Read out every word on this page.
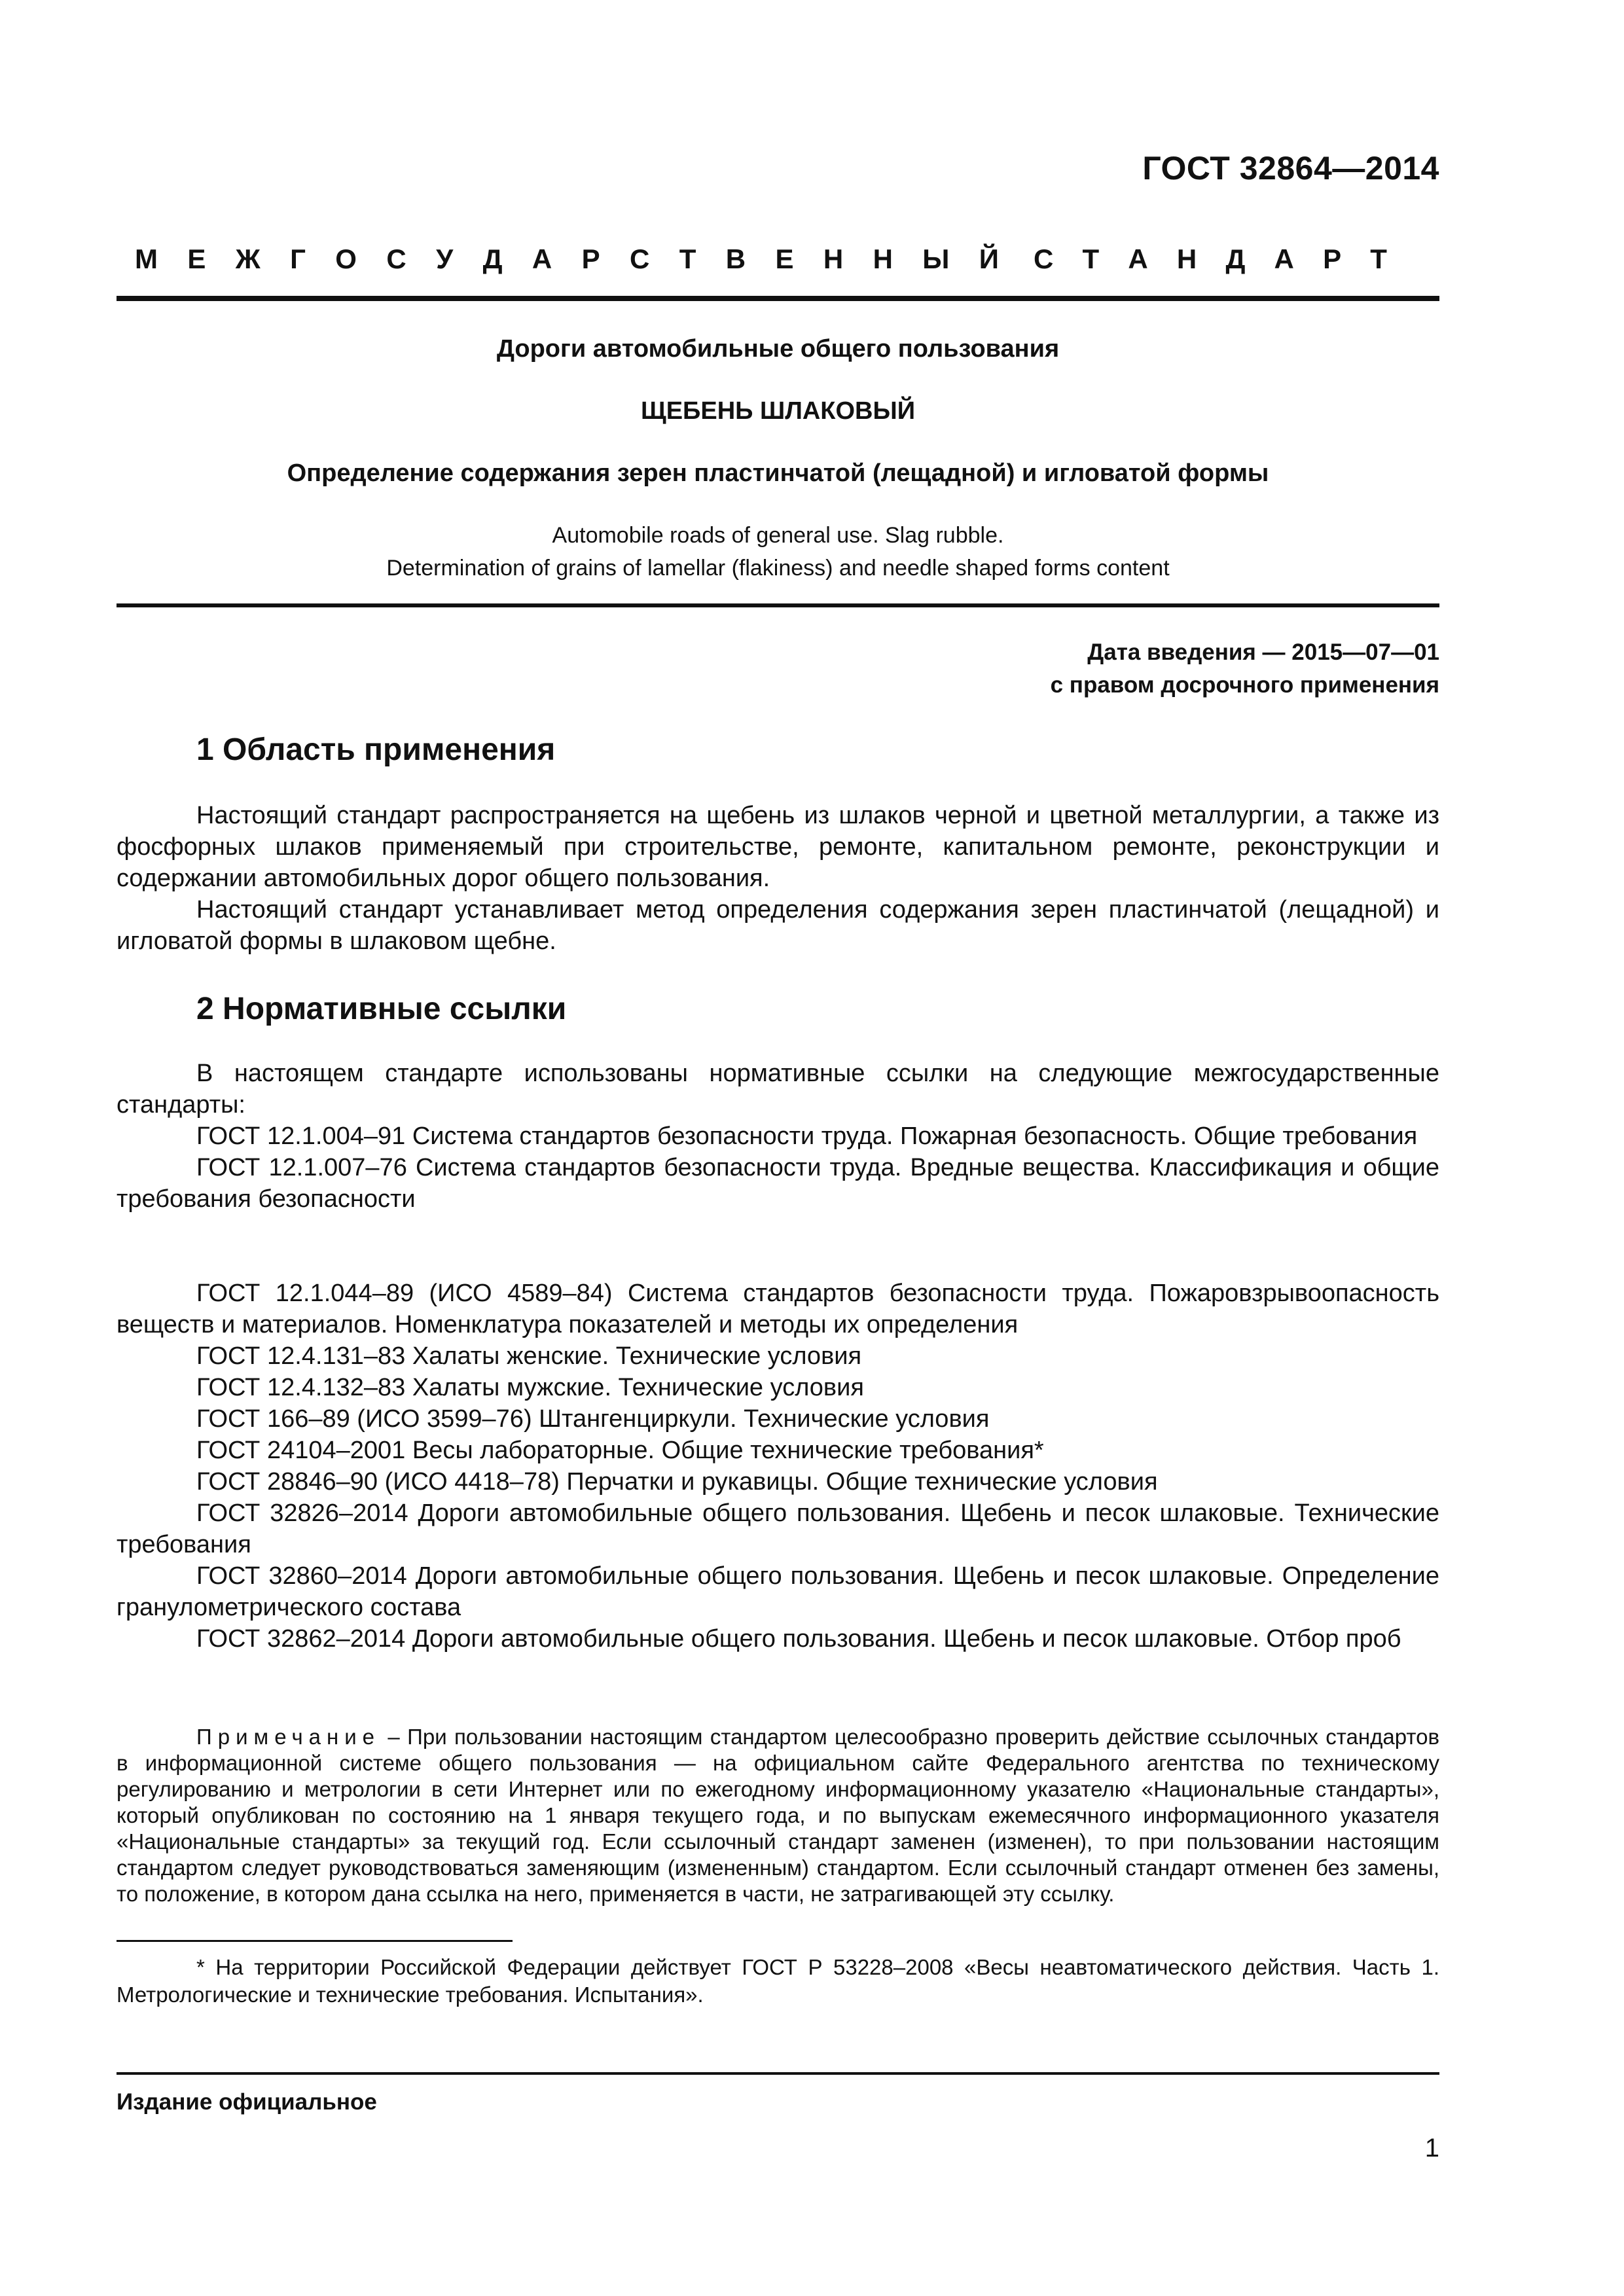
ГОСТ 32864—2014
М Е Ж Г О С У Д А Р С Т В Е Н Н Ы Й С Т А Н Д А Р Т
Дороги автомобильные общего пользования
ЩЕБЕНЬ ШЛАКОВЫЙ
Определение содержания зерен пластинчатой (лещадной) и игловатой формы
Automobile roads of general use. Slag rubble.
Determination of grains of lamellar (flakiness) and needle shaped forms content
Дата введения — 2015—07—01
с правом досрочного применения
1 Область применения

Настоящий стандарт распространяется на щебень из шлаков черной и цветной металлургии, а также из фосфорных шлаков применяемый при строительстве, ремонте, капитальном ремонте, реконструкции и содержании автомобильных дорог общего пользования.

Настоящий стандарт устанавливает метод определения содержания зерен пластинчатой (лещадной) и игловатой формы в шлаковом щебне.

2 Нормативные ссылки

В настоящем стандарте использованы нормативные ссылки на следующие межгосударственные стандарты:

ГОСТ 12.1.004–91 Система стандартов безопасности труда. Пожарная безопасность. Общие требования

ГОСТ 12.1.007–76 Система стандартов безопасности труда. Вредные вещества. Классификация и общие требования безопасности

ГОСТ 12.1.044–89 (ИСО 4589–84) Система стандартов безопасности труда. Пожаровзрывоопасность веществ и материалов. Номенклатура показателей и методы их определения

ГОСТ 12.4.131–83 Халаты женские. Технические условия

ГОСТ 12.4.132–83 Халаты мужские. Технические условия

ГОСТ 166–89 (ИСО 3599–76) Штангенциркули. Технические условия

ГОСТ 24104–2001 Весы лабораторные. Общие технические требования*

ГОСТ 28846–90 (ИСО 4418–78) Перчатки и рукавицы. Общие технические условия

ГОСТ 32826–2014 Дороги автомобильные общего пользования. Щебень и песок шлаковые. Технические требования

ГОСТ 32860–2014 Дороги автомобильные общего пользования. Щебень и песок шлаковые. Определение гранулометрического состава

ГОСТ 32862–2014 Дороги автомобильные общего пользования. Щебень и песок шлаковые. Отбор проб

Примечание – При пользовании настоящим стандартом целесообразно проверить действие ссылочных стандартов в информационной системе общего пользования — на официальном сайте Федерального агентства по техническому регулированию и метрологии в сети Интернет или по ежегодному информационному указателю «Национальные стандарты», который опубликован по состоянию на 1 января текущего года, и по выпускам ежемесячного информационного указателя «Национальные стандарты» за текущий год. Если ссылочный стандарт заменен (изменен), то при пользовании настоящим стандартом следует руководствоваться заменяющим (измененным) стандартом. Если ссылочный стандарт отменен без замены, то положение, в котором дана ссылка на него, применяется в части, не затрагивающей эту ссылку.

* На территории Российской Федерации действует ГОСТ Р 53228–2008 «Весы неавтоматического действия. Часть 1. Метрологические и технические требования. Испытания».

Издание официальное
1
